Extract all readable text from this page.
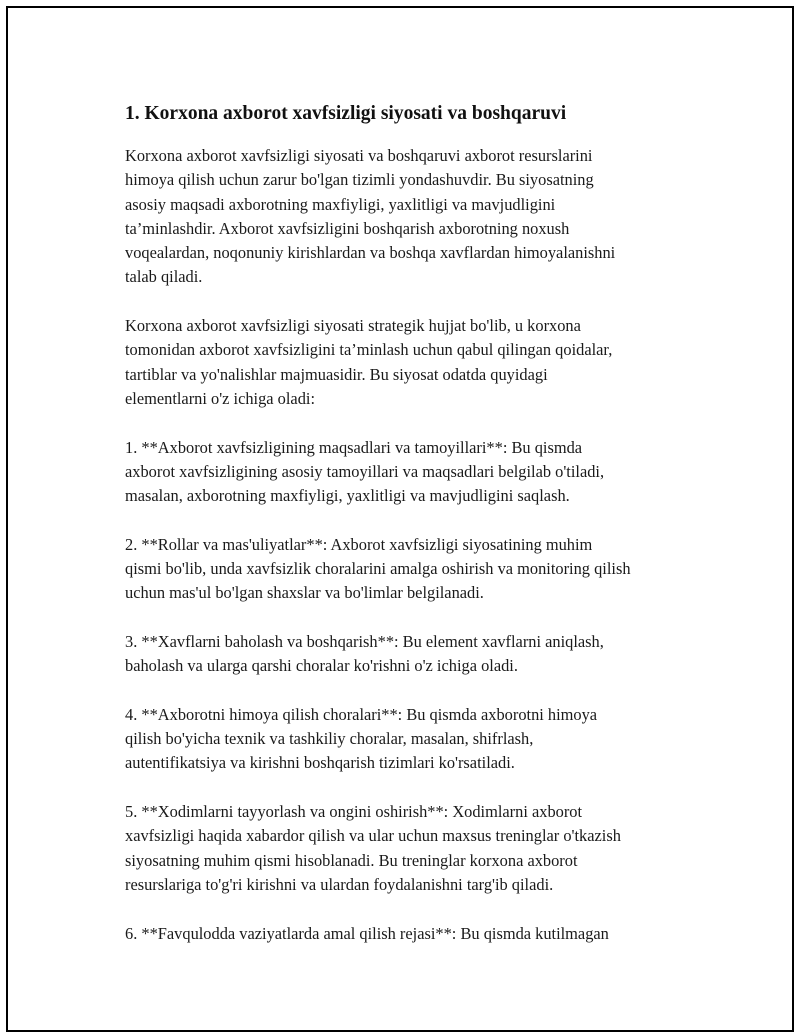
1. Korxona axborot xavfsizligi siyosati va boshqaruvi

Korxona axborot xavfsizligi siyosati va boshqaruvi axborot resurslarini
himoya qilish uchun zarur bo'lgan tizimli yondashuvdir. Bu siyosatning
asosiy maqsadi axborotning maxfiyligi, yaxlitligi va mavjudligini
ta’minlashdir. Axborot xavfsizligini boshqarish axborotning noxush
voqealardan, noqonuniy kirishlardan va boshqa xavflardan himoyalanishni
talab qiladi.

Korxona axborot xavfsizligi siyosati strategik hujjat bo'lib, u korxona
tomonidan axborot xavfsizligini ta’minlash uchun qabul qilingan qoidalar,
tartiblar va yo'nalishlar majmuasidir. Bu siyosat odatda quyidagi
elementlarni o'z ichiga oladi:

1. **Axborot xavfsizligining maqsadlari va tamoyillari**: Bu qismda
axborot xavfsizligining asosiy tamoyillari va maqsadlari belgilab o'tiladi,
masalan, axborotning maxfiyligi, yaxlitligi va mavjudligini saqlash.

2. **Rollar va mas'uliyatlar**: Axborot xavfsizligi siyosatining muhim
qismi bo'lib, unda xavfsizlik choralarini amalga oshirish va monitoring qilish
uchun mas'ul bo'lgan shaxslar va bo'limlar belgilanadi.

3. **Xavflarni baholash va boshqarish**: Bu element xavflarni aniqlash,
baholash va ularga qarshi choralar ko'rishni o'z ichiga oladi.

4. **Axborotni himoya qilish choralari**: Bu qismda axborotni himoya
qilish bo'yicha texnik va tashkiliy choralar, masalan, shifrlash,
autentifikatsiya va kirishni boshqarish tizimlari ko'rsatiladi.

5. **Xodimlarni tayyorlash va ongini oshirish**: Xodimlarni axborot
xavfsizligi haqida xabardor qilish va ular uchun maxsus treninglar o'tkazish
siyosatning muhim qismi hisoblanadi. Bu treninglar korxona axborot
resurslariga to'g'ri kirishni va ulardan foydalanishni targ'ib qiladi.

6. **Favqulodda vaziyatlarda amal qilish rejasi**: Bu qismda kutilmagan
